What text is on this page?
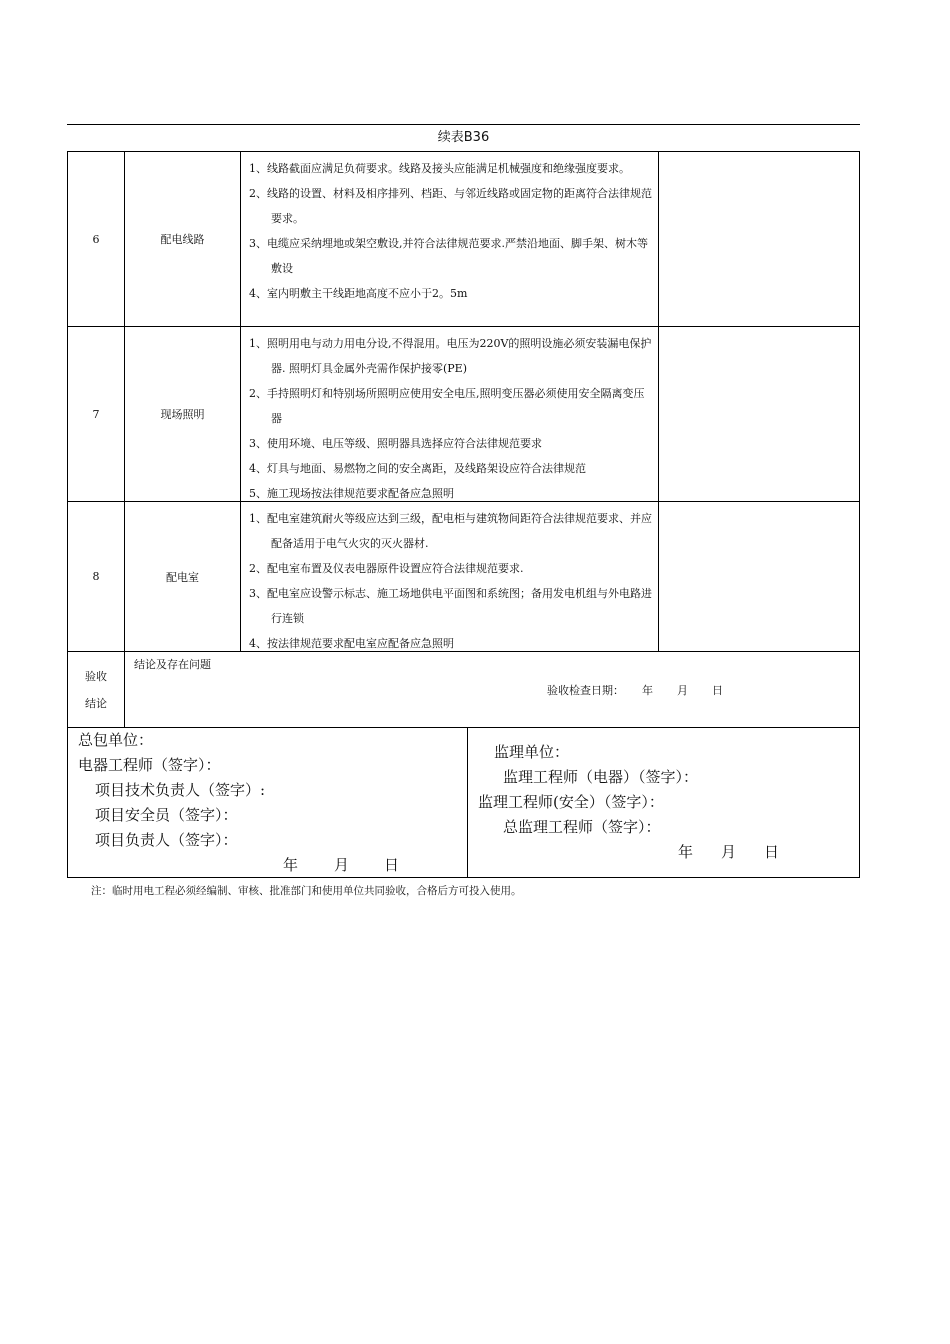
续表B36
6	配电线路
1、线路截面应满足负荷要求。线路及接头应能满足机械强度和绝缘强度要求。
2、线路的设置、材料及相序排列、档距、与邻近线路或固定物的距离符合法律规范要求。
3、电缆应采纳埋地或架空敷设,并符合法律规范要求.严禁沿地面、脚手架、树木等敷设
4、室内明敷主干线距地高度不应小于2。5m
7	现场照明
1、照明用电与动力用电分设,不得混用。电压为220V的照明设施必须安装漏电保护器. 照明灯具金属外壳需作保护接零(PE)
2、手持照明灯和特别场所照明应使用安全电压,照明变压器必须使用安全隔离变压器
3、使用环境、电压等级、照明器具选择应符合法律规范要求
4、灯具与地面、易燃物之间的安全离距，及线路架设应符合法律规范
5、施工现场按法律规范要求配备应急照明
8	配电室
1、配电室建筑耐火等级应达到三级，配电柜与建筑物间距符合法律规范要求、并应配备适用于电气火灾的灭火器材.
2、配电室布置及仪表电器原件设置应符合法律规范要求.
3、配电室应设警示标志、施工场地供电平面图和系统图；备用发电机组与外电路进行连锁
4、按法律规范要求配电室应配备应急照明
验收
结论
结论及存在问题
验收检查日期： 年 月 日
总包单位：
电器工程师（签字）：
项目技术负责人（签字）:
项目安全员（签字）：
项目负责人（签字）：
年 月 日
监理单位：
监理工程师（电器）（签字）：
监理工程师(安全）（签字）：
总监理工程师（签字）：
年 月 日
注：临时用电工程必须经编制、审核、批准部门和使用单位共同验收，合格后方可投入使用。
